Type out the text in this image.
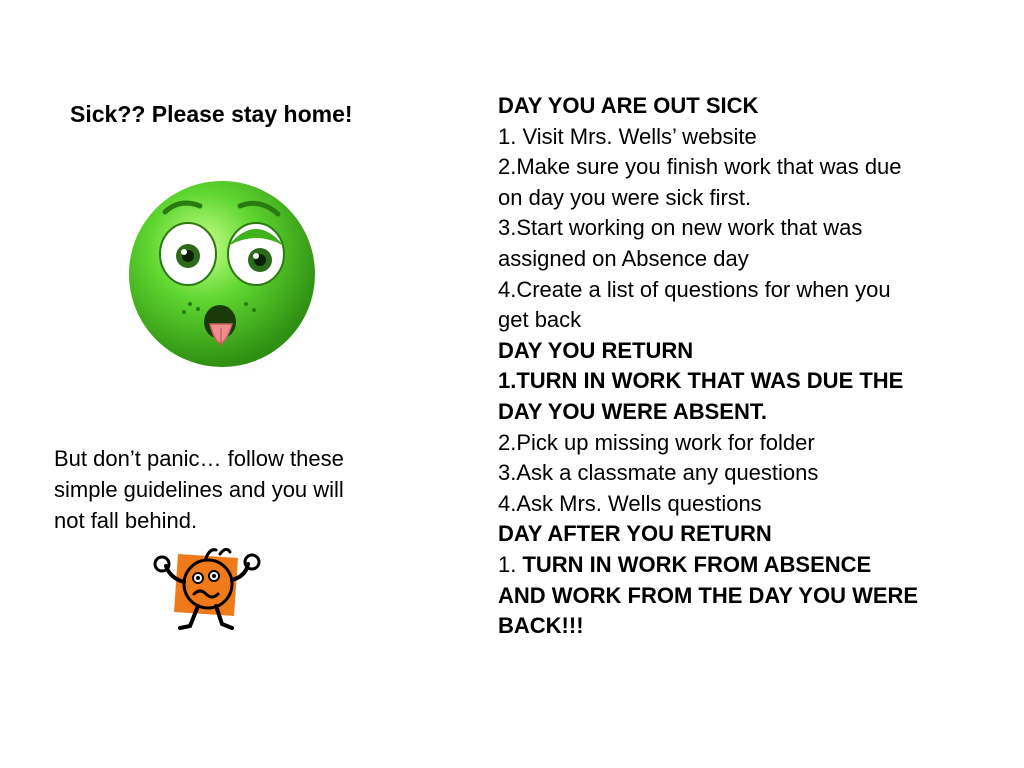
Sick?? Please stay home!
But don’t panic… follow these
simple guidelines and you will
not fall behind.
DAY YOU ARE OUT SICK
1. Visit Mrs. Wells’ website
2.Make sure you finish work that was due
on day you were sick first.
3.Start working on new work that was
assigned on Absence day
4.Create a list of questions for when you
get back
DAY YOU RETURN
1.TURN IN WORK THAT WAS DUE THE
DAY YOU WERE ABSENT.
2.Pick up missing work for folder
3.Ask a classmate any questions
4.Ask Mrs. Wells questions
DAY AFTER YOU RETURN
1. TURN IN WORK FROM ABSENCE
AND WORK FROM THE DAY YOU WERE
BACK!!!
